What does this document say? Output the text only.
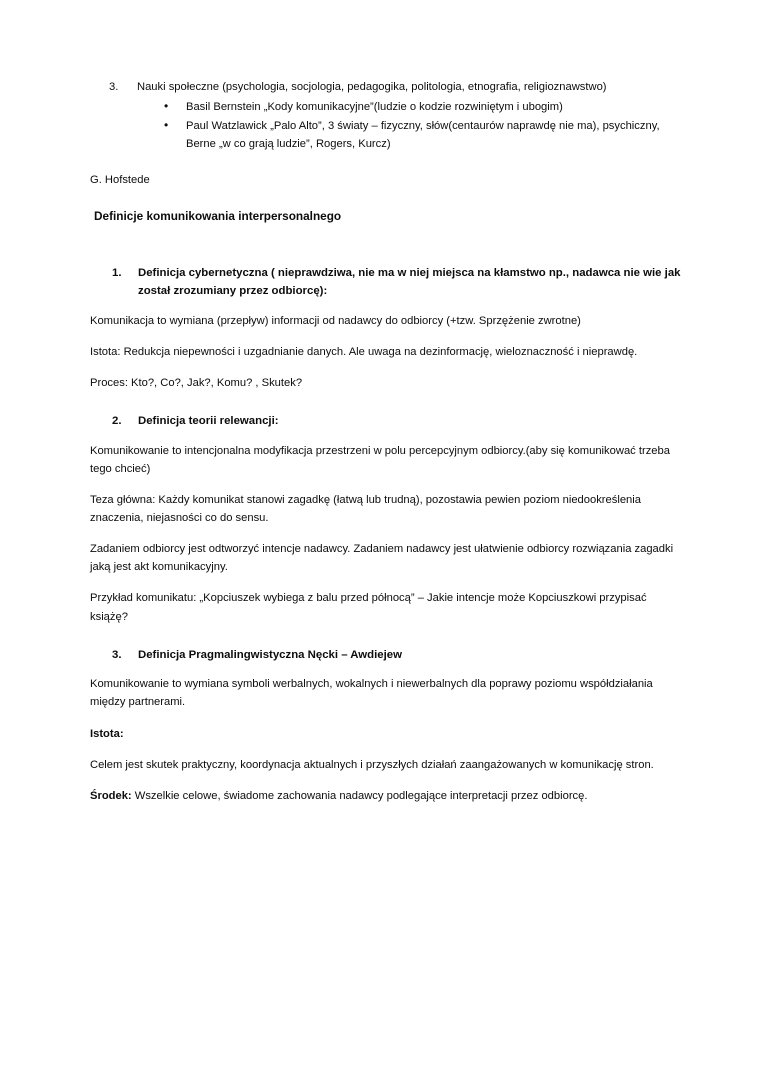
3. Nauki społeczne (psychologia, socjologia, pedagogika, politologia, etnografia, religioznawstwo)
• Basil Bernstein „Kody komunikacyjne”(ludzie o kodzie rozwiniętym i ubogim)
• Paul Watzlawick „Palo Alto”, 3 światy – fizyczny, słów(centaurów naprawdę nie ma), psychiczny, Berne „w co grają ludzie”, Rogers, Kurcz)

G. Hofstede

Definicje komunikowania interpersonalnego

1. Definicja cybernetyczna ( nieprawdziwa, nie ma w niej miejsca na kłamstwo np., nadawca nie wie jak został zrozumiany przez odbiorcę):

Komunikacja to wymiana (przepływ) informacji od nadawcy do odbiorcy (+tzw. Sprzężenie zwrotne)

Istota: Redukcja niepewności i uzgadnianie danych. Ale uwaga na dezinformację, wieloznaczność i nieprawdę.

Proces: Kto?, Co?, Jak?, Komu? , Skutek?

2. Definicja teorii relewancji:

Komunikowanie to intencjonalna modyfikacja przestrzeni w polu percepcyjnym odbiorcy.(aby się komunikować trzeba tego chcieć)

Teza główna: Każdy komunikat stanowi zagadkę (łatwą lub trudną), pozostawia pewien poziom niedookreślenia znaczenia, niejasności co do sensu.

Zadaniem odbiorcy jest odtworzyć intencje nadawcy. Zadaniem nadawcy jest ułatwienie odbiorcy rozwiązania zagadki jaką jest akt komunikacyjny.

Przykład komunikatu: „Kopciuszek wybiega z balu przed północą” – Jakie intencje może Kopciuszkowi przypisać książę?

3. Definicja Pragmalingwistyczna Nęcki – Awdiejew

Komunikowanie to wymiana symboli werbalnych, wokalnych i niewerbalnych dla poprawy poziomu współdziałania między partnerami.

Istota:

Celem jest skutek praktyczny, koordynacja aktualnych i przyszłych działań zaangażowanych w komunikację stron.

Środek: Wszelkie celowe, świadome zachowania nadawcy podlegające interpretacji przez odbiorcę.
